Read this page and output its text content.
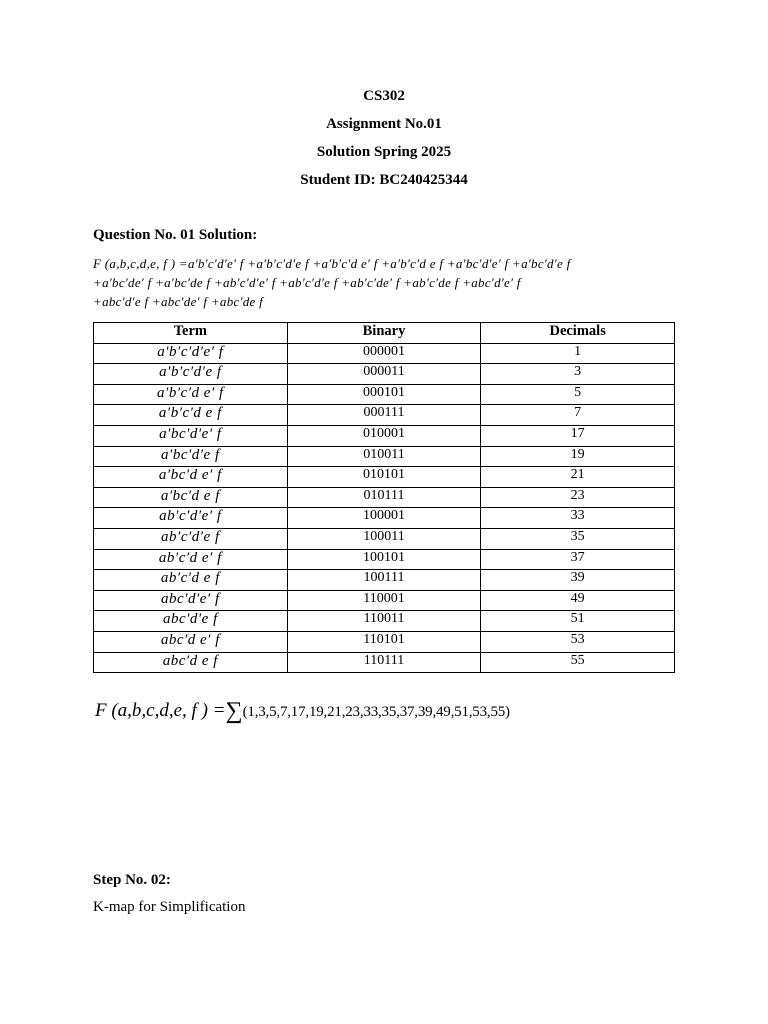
CS302
Assignment No.01
Solution Spring 2025
Student ID: BC240425344
Question No. 01 Solution:
F (a,b,c,d,e, f ) =a′b′c′d′e′ f +a′b′c′d′e f +a′b′c′d e′ f +a′b′c′d e f +a′bc′d′e′ f +a′bc′d′e f
+a′bc′de′ f +a′bc′de f +ab′c′d′e′ f +ab′c′d′e f +ab′c′de′ f +ab′c′de f +abc′d′e′ f
+abc′d′e f +abc′de′ f +abc′de f
Term	Binary	Decimals
a′b′c′d′e′ f	000001	1
a′b′c′d′e f	000011	3
a′b′c′d e′ f	000101	5
a′b′c′d e f	000111	7
a′bc′d′e′ f	010001	17
a′bc′d′e f	010011	19
a′bc′d e′ f	010101	21
a′bc′d e f	010111	23
ab′c′d′e′ f	100001	33
ab′c′d′e f	100011	35
ab′c′d e′ f	100101	37
ab′c′d e f	100111	39
abc′d′e′ f	110001	49
abc′d′e f	110011	51
abc′d e′ f	110101	53
abc′d e f	110111	55
F (a,b,c,d,e, f ) =∑(1,3,5,7,17,19,21,23,33,35,37,39,49,51,53,55)
Step No. 02:
K-map for Simplification
